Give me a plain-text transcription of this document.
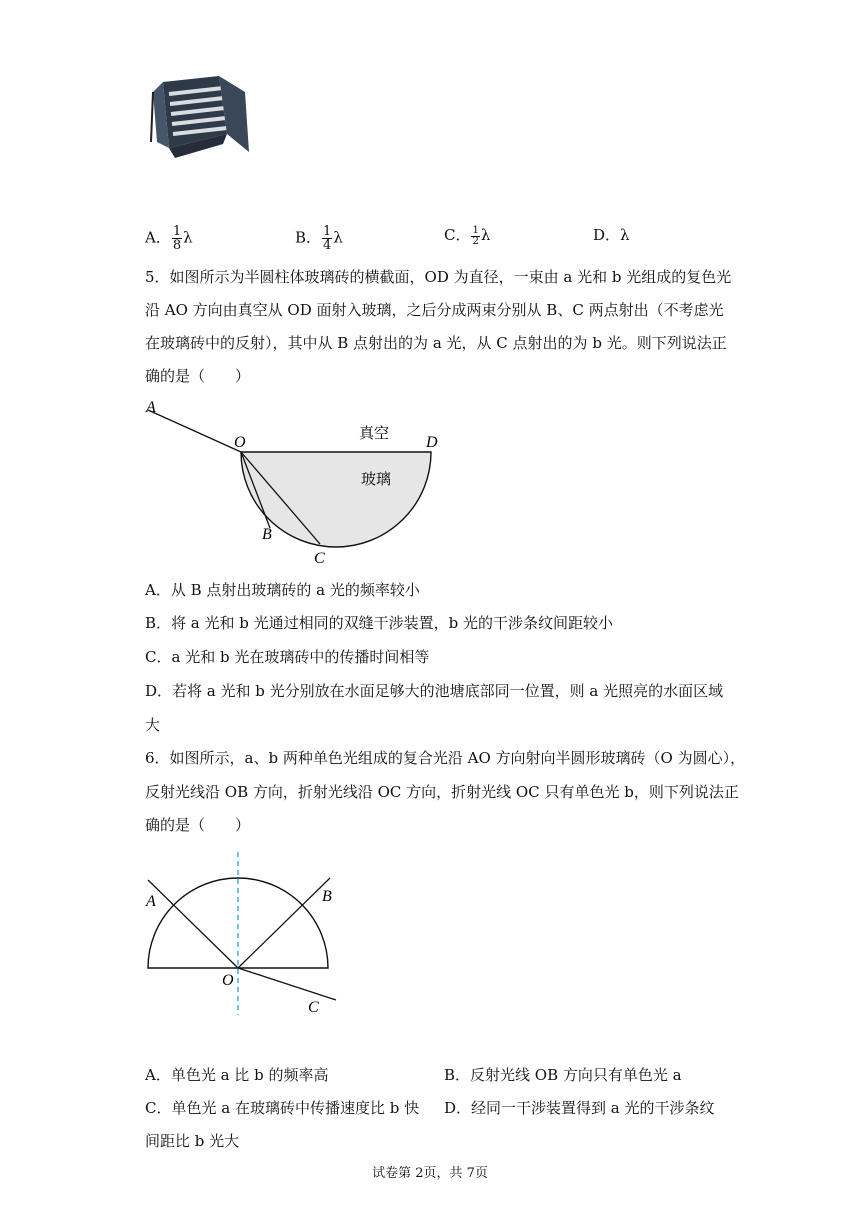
A． $\frac{1}{8}$ λ	B． $\frac{1}{4}$ λ	C． $\frac{1}{2}$ λ	D．λ
5．如图所示为半圆柱体玻璃砖的横截面，OD 为直径，一束由 a 光和 b 光组成的复色光
沿 AO 方向由真空从 OD 面射入玻璃，之后分成两束分别从 B、C 两点射出（不考虑光
在玻璃砖中的反射），其中从 B 点射出的为 a 光，从 C 点射出的为 b 光。则下列说法正
确的是（　　）
A
O	D
B
C
真空
玻璃
A．从 B 点射出玻璃砖的 a 光的频率较小
B．将 a 光和 b 光通过相同的双缝干涉装置，b 光的干涉条纹间距较小
C．a 光和 b 光在玻璃砖中的传播时间相等
D．若将 a 光和 b 光分别放在水面足够大的池塘底部同一位置，则 a 光照亮的水面区域
大
6．如图所示，a、b 两种单色光组成的复合光沿 AO 方向射向半圆形玻璃砖（O 为圆心），
反射光线沿 OB 方向，折射光线沿 OC 方向，折射光线 OC 只有单色光 b，则下列说法正
确的是（　　）
A	B
O
C
A．单色光 a 比 b 的频率高	B．反射光线 OB 方向只有单色光 a
C．单色光 a 在玻璃砖中传播速度比 b 快 D．经同一干涉装置得到 a 光的干涉条纹
间距比 b 光大
试卷第 2页，共 7页
